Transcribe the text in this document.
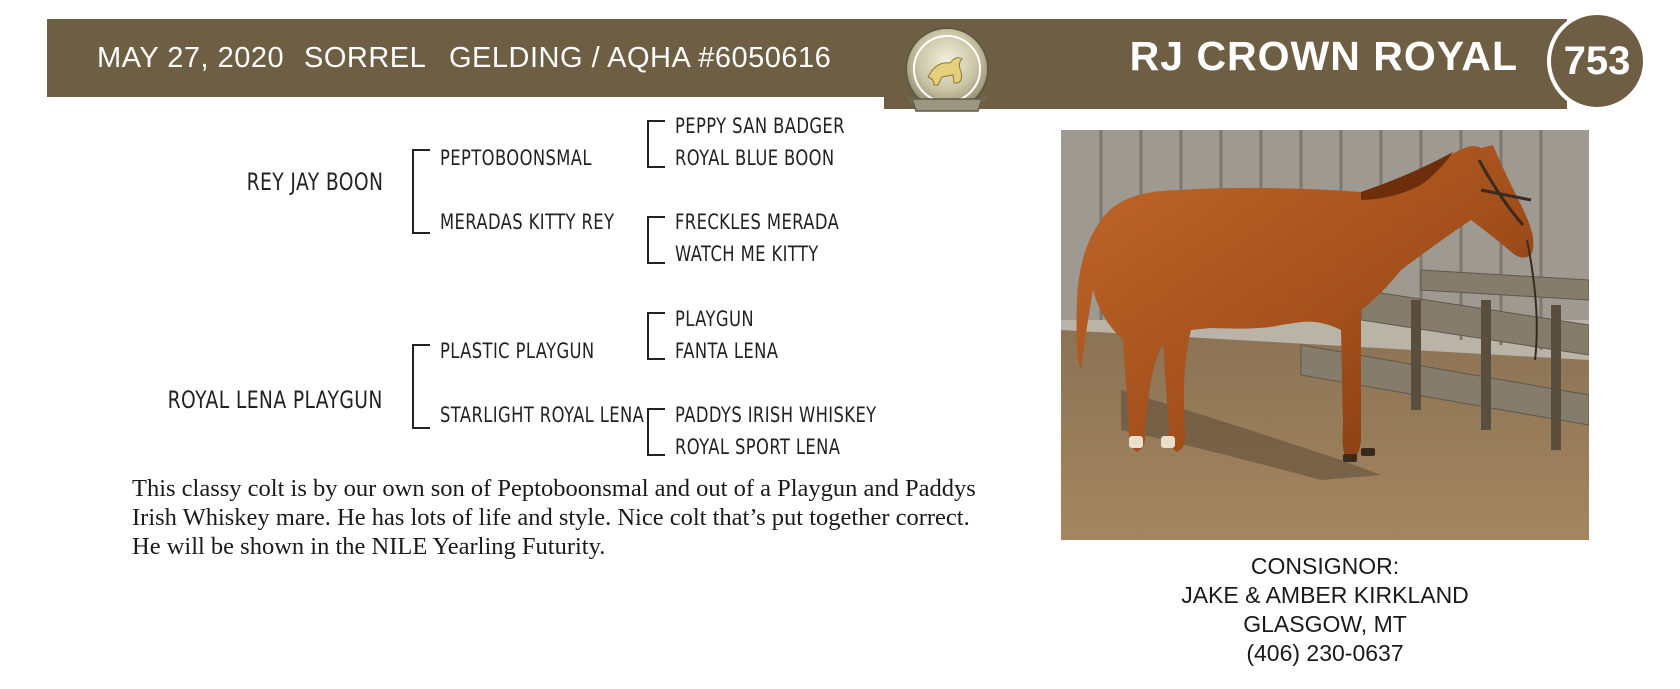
MAY 27, 2020 SORREL GELDING / AQHA #6050616	RJ CROWN ROYAL 753
REY JAY BOON
PEPTOBOONSMAL
MERADAS KITTY REY
PEPPY SAN BADGER
ROYAL BLUE BOON
FRECKLES MERADA
WATCH ME KITTY
ROYAL LENA PLAYGUN
PLASTIC PLAYGUN
STARLIGHT ROYAL LENA
PLAYGUN
FANTA LENA
PADDYS IRISH WHISKEY
ROYAL SPORT LENA
This classy colt is by our own son of Peptoboonsmal and out of a Playgun and Paddys
Irish Whiskey mare. He has lots of life and style. Nice colt that’s put together correct.
He will be shown in the NILE Yearling Futurity.
CONSIGNOR:
JAKE & AMBER KIRKLAND
GLASGOW, MT
(406) 230-0637
